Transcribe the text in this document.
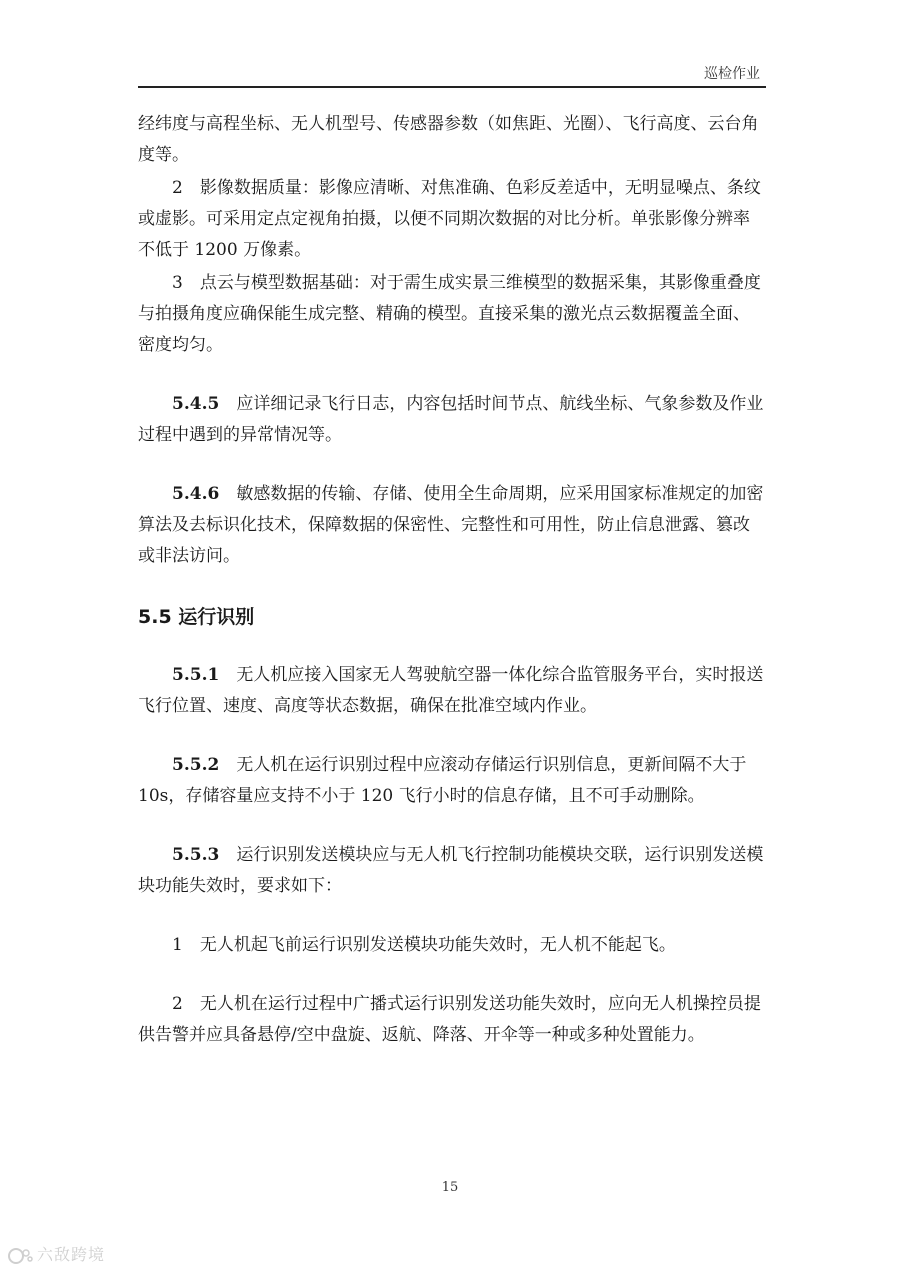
巡检作业

经纬度与高程坐标、无人机型号、传感器参数（如焦距、光圈）、飞行高度、云台角度等。

2　影像数据质量：影像应清晰、对焦准确、色彩反差适中，无明显噪点、条纹或虚影。可采用定点定视角拍摄，以便不同期次数据的对比分析。单张影像分辨率不低于 1200 万像素。

3　点云与模型数据基础：对于需生成实景三维模型的数据采集，其影像重叠度与拍摄角度应确保能生成完整、精确的模型。直接采集的激光点云数据覆盖全面、密度均匀。

5.4.5　 应详细记录飞行日志，内容包括时间节点、航线坐标、气象参数及作业过程中遇到的异常情况等。

5.4.6　 敏感数据的传输、存储、使用全生命周期，应采用国家标准规定的加密算法及去标识化技术，保障数据的保密性、完整性和可用性，防止信息泄露、篡改或非法访问。

5.5 运行识别

5.5.1　 无人机应接入国家无人驾驶航空器一体化综合监管服务平台，实时报送飞行位置、速度、高度等状态数据，确保在批准空域内作业。

5.5.2　 无人机在运行识别过程中应滚动存储运行识别信息，更新间隔不大于 10s，存储容量应支持不小于 120 飞行小时的信息存储，且不可手动删除。

5.5.3　 运行识别发送模块应与无人机飞行控制功能模块交联，运行识别发送模块功能失效时，要求如下：

1　无人机起飞前运行识别发送模块功能失效时，无人机不能起飞。

2　无人机在运行过程中广播式运行识别发送功能失效时，应向无人机操控员提供告警并应具备悬停/空中盘旋、返航、降落、开伞等一种或多种处置能力。

15
六敌跨境
